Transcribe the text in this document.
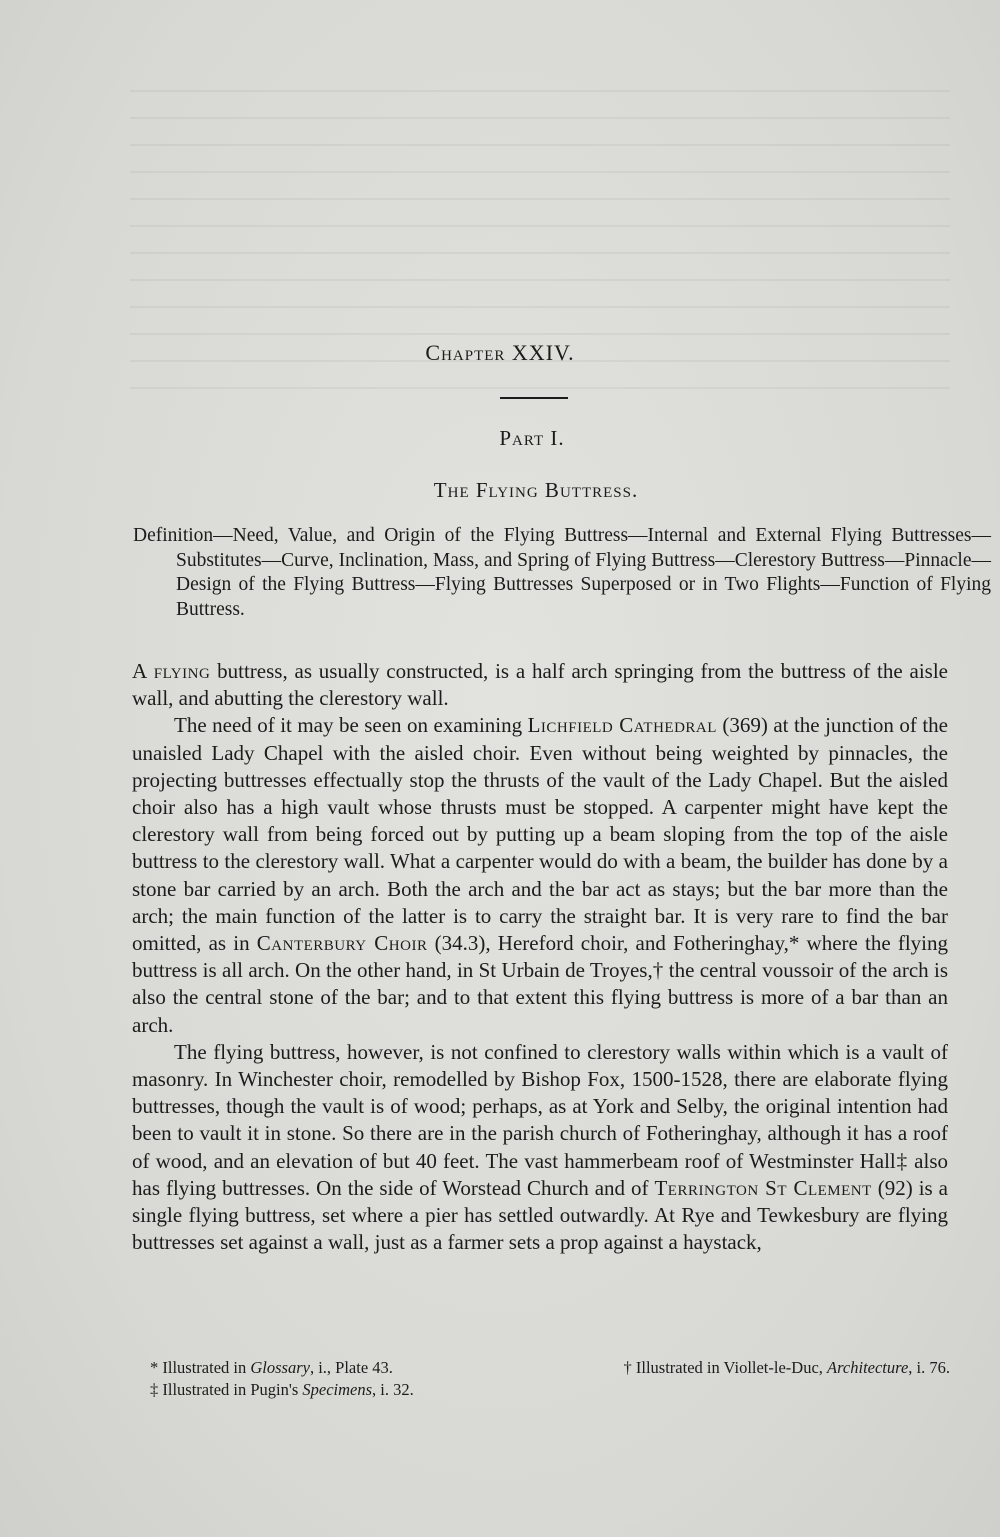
Chapter XXIV.
Part I.
The Flying Buttress.
Definition—Need, Value, and Origin of the Flying Buttress—Internal and External Flying Buttresses—Substitutes—Curve, Inclination, Mass, and Spring of Flying Buttress—Clerestory Buttress—Pinnacle—Design of the Flying Buttress—Flying Buttresses Superposed or in Two Flights—Function of Flying Buttress.

A flying buttress, as usually constructed, is a half arch springing from the buttress of the aisle wall, and abutting the clerestory wall.

The need of it may be seen on examining Lichfield Cathedral (369) at the junction of the unaisled Lady Chapel with the aisled choir. Even without being weighted by pinnacles, the projecting buttresses effectually stop the thrusts of the vault of the Lady Chapel. But the aisled choir also has a high vault whose thrusts must be stopped. A carpenter might have kept the clerestory wall from being forced out by putting up a beam sloping from the top of the aisle buttress to the clerestory wall. What a carpenter would do with a beam, the builder has done by a stone bar carried by an arch. Both the arch and the bar act as stays; but the bar more than the arch; the main function of the latter is to carry the straight bar. It is very rare to find the bar omitted, as in Canterbury Choir (34.3), Hereford choir, and Fotheringhay,* where the flying buttress is all arch. On the other hand, in St Urbain de Troyes,† the central voussoir of the arch is also the central stone of the bar; and to that extent this flying buttress is more of a bar than an arch.

The flying buttress, however, is not confined to clerestory walls within which is a vault of masonry. In Winchester choir, remodelled by Bishop Fox, 1500-1528, there are elaborate flying buttresses, though the vault is of wood; perhaps, as at York and Selby, the original intention had been to vault it in stone. So there are in the parish church of Fotheringhay, although it has a roof of wood, and an elevation of but 40 feet. The vast hammerbeam roof of Westminster Hall‡ also has flying buttresses. On the side of Worstead Church and of Terrington St Clement (92) is a single flying buttress, set where a pier has settled outwardly. At Rye and Tewkesbury are flying buttresses set against a wall, just as a farmer sets a prop against a haystack,

* Illustrated in Glossary, i., Plate 43.	† Illustrated in Viollet-le-Duc, Architecture, i. 76.
‡ Illustrated in Pugin's Specimens, i. 32.
